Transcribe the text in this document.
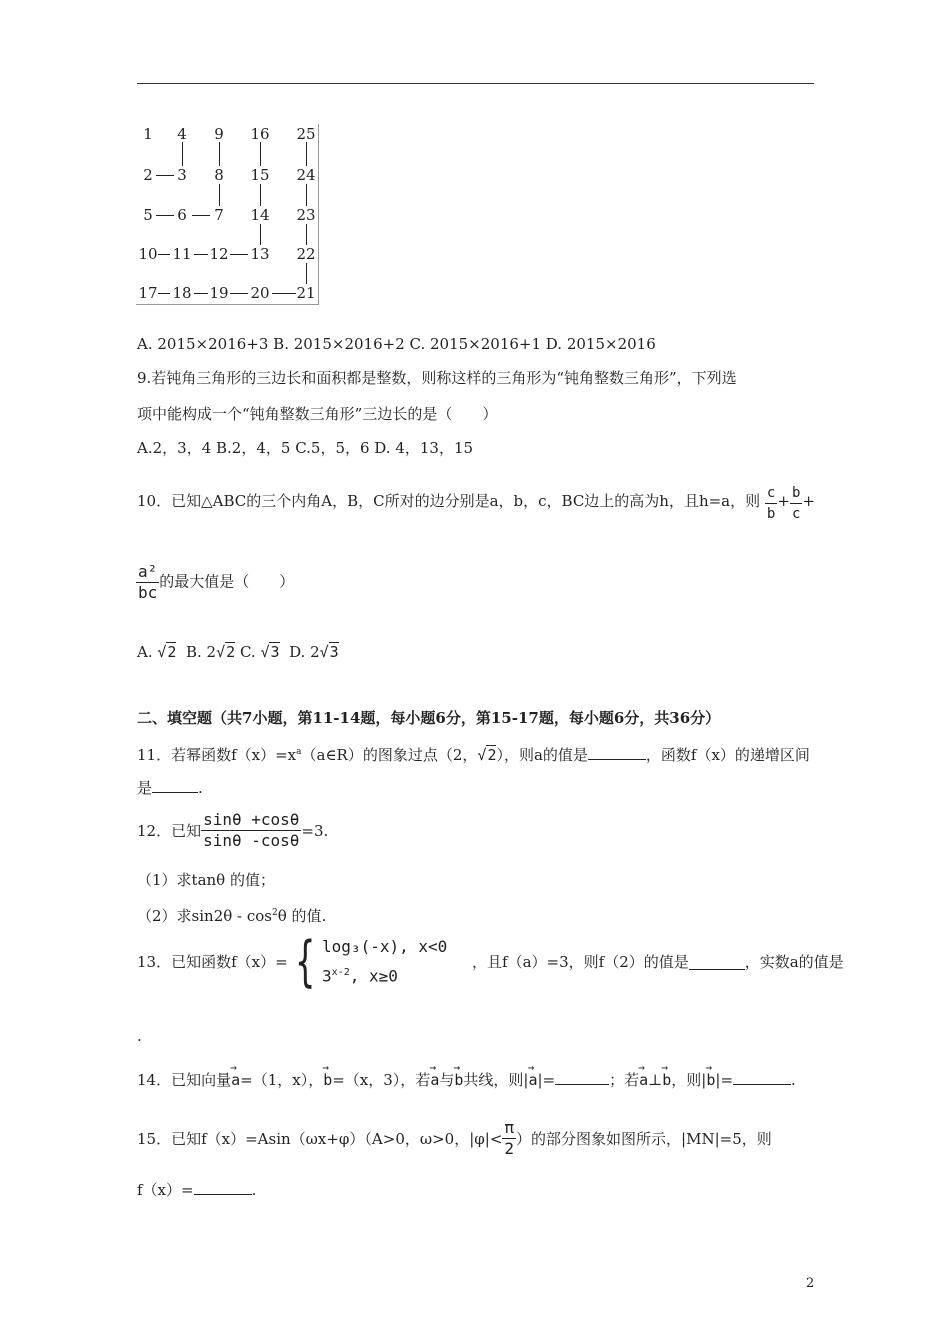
1 4 9 16 25
2 3 8 15 24
5 6 7 14 23
10 11 12 13 22
17 18 19 20 21
A. 2015×2016+3 B. 2015×2016+2 C. 2015×2016+1 D. 2015×2016
9.若钝角三角形的三边长和面积都是整数，则称这样的三角形为“钝角整数三角形”，下列选
项中能构成一个“钝角整数三角形”三边长的是（　　）
A.2，3，4 B.2，4，5 C.5，5，6 D. 4，13，15
10．已知△ABC的三个内角A，B，C所对的边分别是a，b，c，BC边上的高为h，且h=a，则 $\frac{c}{b} + \frac{b}{c}$ +
$\frac{\text{a²}}{bc}$ 的最大值是（　　）
A. √2 B. 2√2 C. √3 D. 2√3
二、填空题（共7小题，第11-14题，每小题6分，第15-17题，每小题6分，共36分）
11．若幂函数$f(x)=x^a(a\in R)$的图象过点（2，√2），则a的值是	，函数f（x）的递增区间
是	.
12．已知 $\frac{\sin\theta +\cos\theta}{\sin\theta -\cos\theta} =3$.
（1）求tanθ 的值；
（2）求$\sin 2\theta - \cos^2\theta$ 的值.
13．已知函数f（x）= { log₃(-x), x<0
3$^{x-2}$, x≥0
，且f（a）=3，则f（2）的值是	，实数a的值是
.
14．已知向量→ a=（1，x），→ b=（x，3），若→ a与→ b共线，则|→ a|=	；若→ a⊥→ b，则|→ b|=	.
15．已知f（x）=Asin（ωx+φ）（A>0，ω>0，$|\varphi|< \frac{\pi}{2}$ ）的部分图象如图所示，|MN|=5，则
f（x）=	.
2
